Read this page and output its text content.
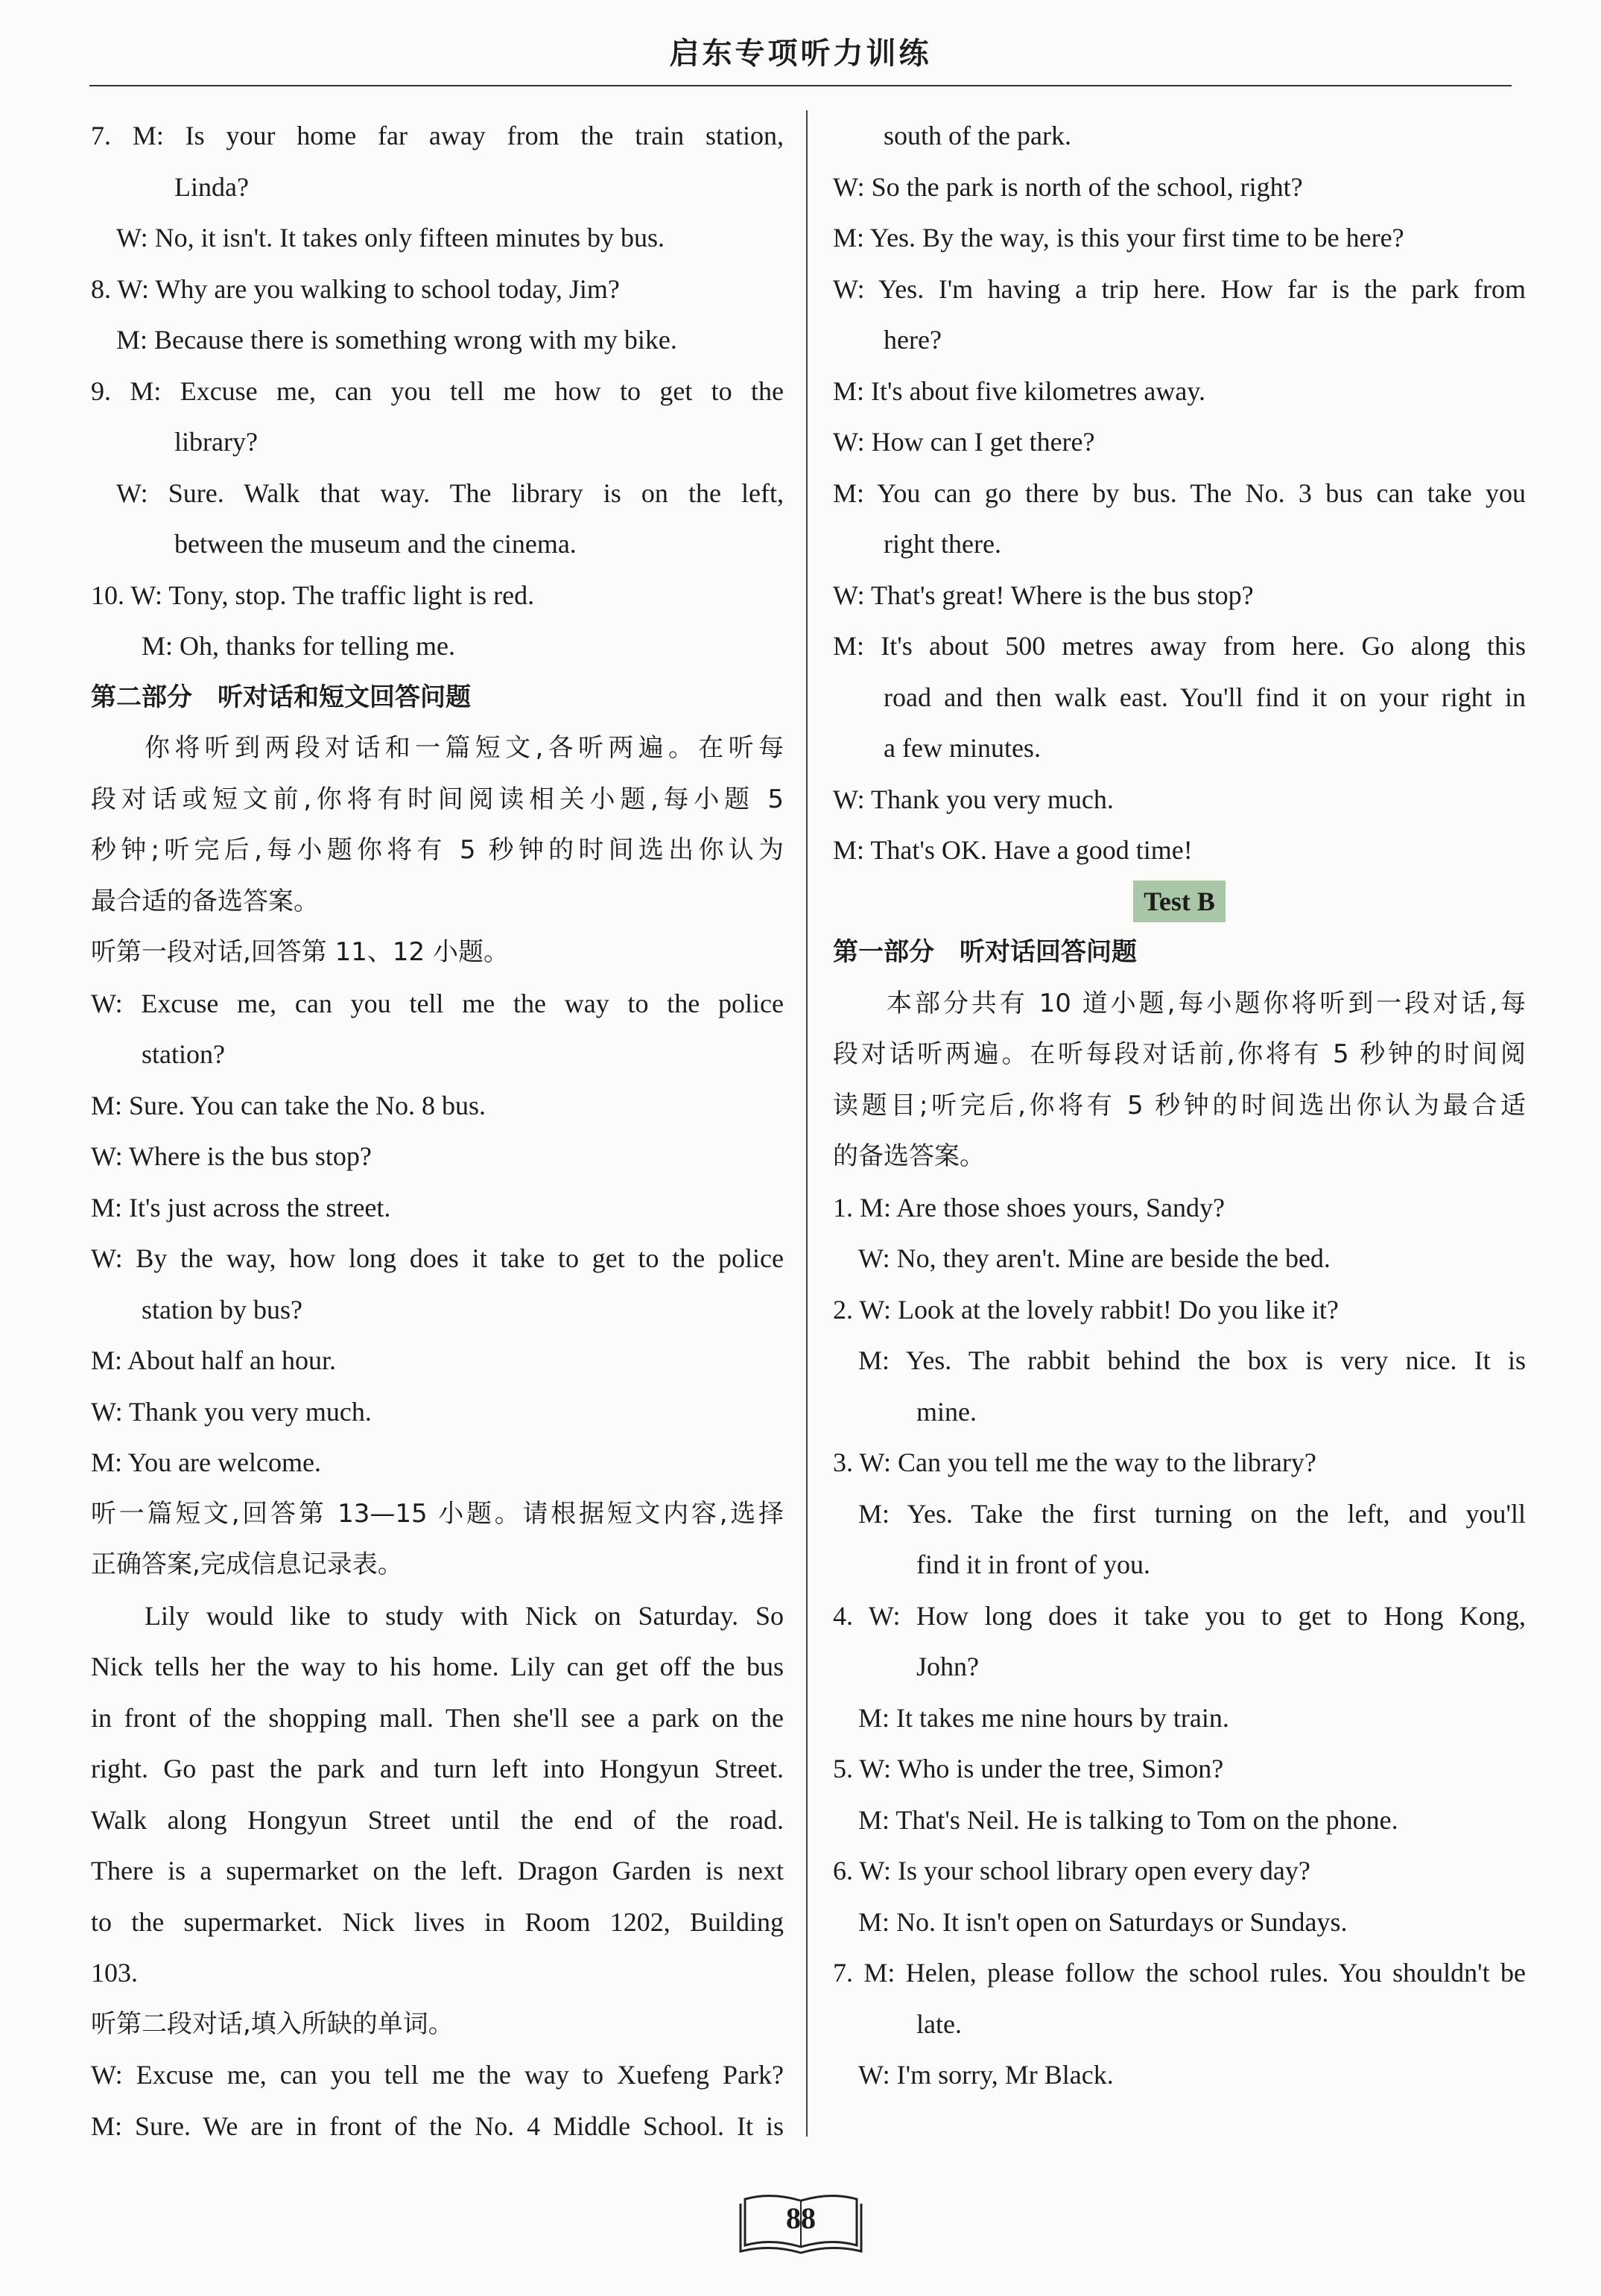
启东专项听力训练
7. M: Is your home far away from the train station,
Linda?
W: No, it isn't. It takes only fifteen minutes by bus.
8. W: Why are you walking to school today, Jim?
M: Because there is something wrong with my bike.
9. M: Excuse me, can you tell me how to get to the
library?
W: Sure. Walk that way. The library is on the left,
between the museum and the cinema.
10. W: Tony, stop. The traffic light is red.
M: Oh, thanks for telling me.
第二部分　听对话和短文回答问题
你将听到两段对话和一篇短文,各听两遍。在听每
段对话或短文前,你将有时间阅读相关小题,每小题 5
秒钟;听完后,每小题你将有 5 秒钟的时间选出你认为
最合适的备选答案。
听第一段对话,回答第 11、12 小题。
W: Excuse me, can you tell me the way to the police
station?
M: Sure. You can take the No. 8 bus.
W: Where is the bus stop?
M: It's just across the street.
W: By the way, how long does it take to get to the police
station by bus?
M: About half an hour.
W: Thank you very much.
M: You are welcome.
听一篇短文,回答第 13—15 小题。请根据短文内容,选择
正确答案,完成信息记录表。
Lily would like to study with Nick on Saturday. So
Nick tells her the way to his home. Lily can get off the bus
in front of the shopping mall. Then she'll see a park on the
right. Go past the park and turn left into Hongyun Street.
Walk along Hongyun Street until the end of the road.
There is a supermarket on the left. Dragon Garden is next
to the supermarket. Nick lives in Room 1202, Building
103.
听第二段对话,填入所缺的单词。
W: Excuse me, can you tell me the way to Xuefeng Park?
M: Sure. We are in front of the No. 4 Middle School. It is
south of the park.
W: So the park is north of the school, right?
M: Yes. By the way, is this your first time to be here?
W: Yes. I'm having a trip here. How far is the park from
here?
M: It's about five kilometres away.
W: How can I get there?
M: You can go there by bus. The No. 3 bus can take you
right there.
W: That's great! Where is the bus stop?
M: It's about 500 metres away from here. Go along this
road and then walk east. You'll find it on your right in
a few minutes.
W: Thank you very much.
M: That's OK. Have a good time!
Test B
第一部分　听对话回答问题
本部分共有 10 道小题,每小题你将听到一段对话,每
段对话听两遍。在听每段对话前,你将有 5 秒钟的时间阅
读题目;听完后,你将有 5 秒钟的时间选出你认为最合适
的备选答案。
1. M: Are those shoes yours, Sandy?
W: No, they aren't. Mine are beside the bed.
2. W: Look at the lovely rabbit! Do you like it?
M: Yes. The rabbit behind the box is very nice. It is
mine.
3. W: Can you tell me the way to the library?
M: Yes. Take the first turning on the left, and you'll
find it in front of you.
4. W: How long does it take you to get to Hong Kong,
John?
M: It takes me nine hours by train.
5. W: Who is under the tree, Simon?
M: That's Neil. He is talking to Tom on the phone.
6. W: Is your school library open every day?
M: No. It isn't open on Saturdays or Sundays.
7. M: Helen, please follow the school rules. You shouldn't be
late.
W: I'm sorry, Mr Black.
88
